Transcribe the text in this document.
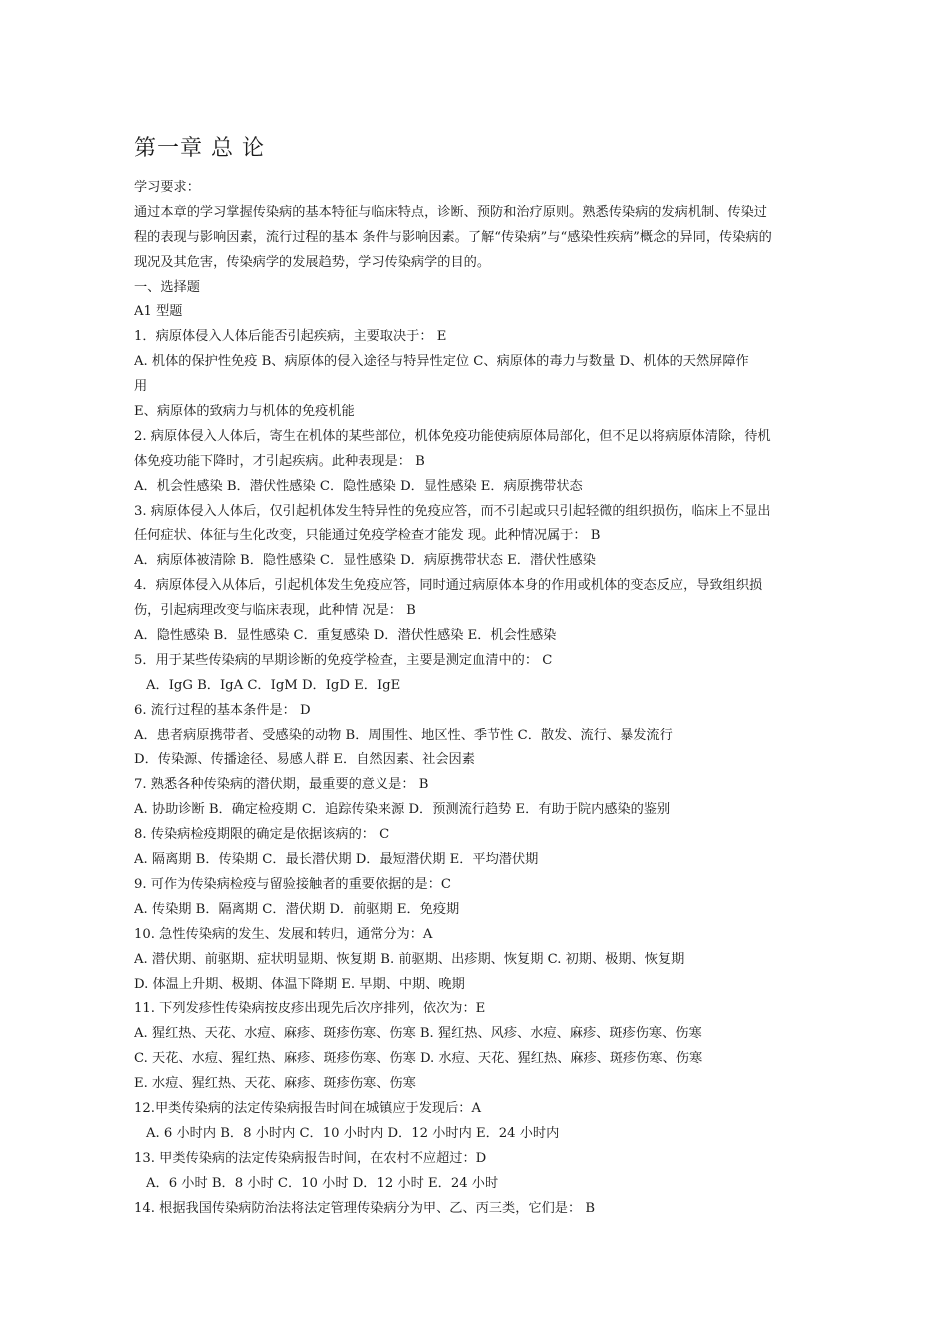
第一章 总 论
学习要求：
通过本章的学习掌握传染病的基本特征与临床特点，诊断、预防和治疗原则。熟悉传染病的发病机制、传染过
程的表现与影响因素，流行过程的基本 条件与影响因素。了解“传染病”与“感染性疾病”概念的异同，传染病的
现况及其危害，传染病学的发展趋势，学习传染病学的目的。
一、选择题
A1 型题
1．病原体侵入人体后能否引起疾病，主要取决于： E
A. 机体的保护性免疫 B、病原体的侵入途径与特异性定位 C、病原体的毒力与数量 D、机体的天然屏障作
用
E、病原体的致病力与机体的免疫机能
2. 病原体侵入人体后，寄生在机体的某些部位，机体免疫功能使病原体局部化，但不足以将病原体清除，待机
体免疫功能下降时，才引起疾病。此种表现是： B
A．机会性感染 B．潜伏性感染 C．隐性感染 D．显性感染 E．病原携带状态
3. 病原体侵入人体后，仅引起机体发生特异性的免疫应答，而不引起或只引起轻微的组织损伤，临床上不显出
任何症状、体征与生化改变，只能通过免疫学检查才能发 现。此种情况属于： B
A．病原体被清除 B．隐性感染 C．显性感染 D．病原携带状态 E．潜伏性感染
4．病原体侵入从体后，引起机体发生免疫应答，同时通过病原体本身的作用或机体的变态反应，导致组织损
伤，引起病理改变与临床表现，此种情 况是： B
A．隐性感染 B．显性感染 C．重复感染 D．潜伏性感染 E．机会性感染
5．用于某些传染病的早期诊断的免疫学检查，主要是测定血清中的： C
A．IgG B．IgA C．IgM D．IgD E．IgE
6. 流行过程的基本条件是： D
A．患者病原携带者、受感染的动物 B．周围性、地区性、季节性 C．散发、流行、暴发流行
D．传染源、传播途径、易感人群 E．自然因素、社会因素
7. 熟悉各种传染病的潜伏期，最重要的意义是： B
A. 协助诊断 B．确定检疫期 C．追踪传染来源 D．预测流行趋势 E．有助于院内感染的鉴别
8. 传染病检疫期限的确定是依据该病的： C
A. 隔离期 B．传染期 C．最长潜伏期 D．最短潜伏期 E．平均潜伏期
9. 可作为传染病检疫与留验接触者的重要依据的是：C
A. 传染期 B．隔离期 C．潜伏期 D．前驱期 E．免疫期
10. 急性传染病的发生、发展和转归，通常分为：A
A. 潜伏期、前驱期、症状明显期、恢复期 B. 前驱期、出疹期、恢复期 C. 初期、极期、恢复期
D. 体温上升期、极期、体温下降期 E. 早期、中期、晚期
11. 下列发疹性传染病按皮疹出现先后次序排列，依次为：E
A. 猩红热、天花、水痘、麻疹、斑疹伤寒、伤寒 B. 猩红热、风疹、水痘、麻疹、斑疹伤寒、伤寒
C. 天花、水痘、猩红热、麻疹、斑疹伤寒、伤寒 D. 水痘、天花、猩红热、麻疹、斑疹伤寒、伤寒
E. 水痘、猩红热、天花、麻疹、斑疹伤寒、伤寒
12.甲类传染病的法定传染病报告时间在城镇应于发现后：A
A. 6 小时内 B．8 小时内 C．10 小时内 D．12 小时内 E．24 小时内
13. 甲类传染病的法定传染病报告时间，在农村不应超过：D
A．6 小时 B．8 小时 C．10 小时 D．12 小时 E．24 小时
14. 根据我国传染病防治法将法定管理传染病分为甲、乙、丙三类，它们是： B
